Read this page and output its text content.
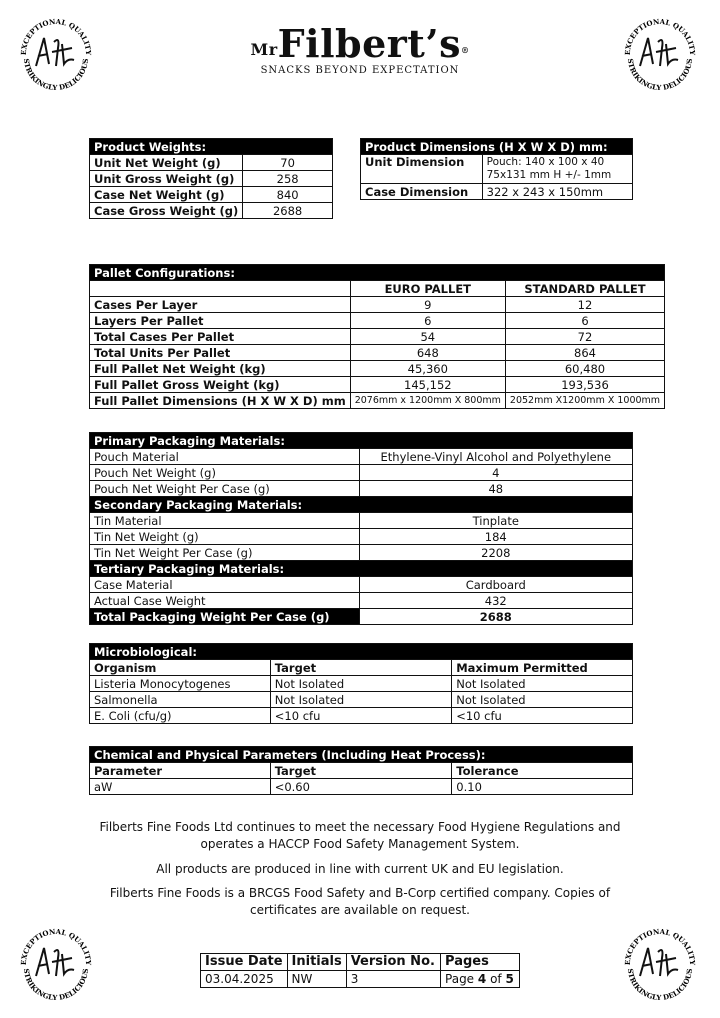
EXCEPTIONAL QUALITY
STRIKINGLY DELICIOUS
EXCEPTIONAL QUALITY
STRIKINGLY DELICIOUS
EXCEPTIONAL QUALITY
STRIKINGLY DELICIOUS
EXCEPTIONAL QUALITY
STRIKINGLY DELICIOUS
$^{Mr}$Filbert’s®
SNACKS BEYOND EXPECTATION
Product Weights:	
Unit Net Weight (g)	70
Unit Gross Weight (g)	258
Case Net Weight (g)	840
Case Gross Weight (g)	2688
Product Dimensions (H X W X D) mm:	
Unit Dimension	Pouch: 140 x 100 x 40
75x131 mm H +/- 1mm

Case Dimension	322 x 243 x 150mm
Pallet Configurations:		
	EURO PALLET	STANDARD PALLET
Cases Per Layer	9	12
Layers Per Pallet	6	6
Total Cases Per Pallet	54	72
Total Units Per Pallet	648	864
Full Pallet Net Weight (kg)	45,360	60,480
Full Pallet Gross Weight (kg)	145,152	193,536
Full Pallet Dimensions (H X W X D) mm	2076mm x 1200mm X 800mm	2052mm X1200mm X 1000mm
Primary Packaging Materials:	
Pouch Material	Ethylene-Vinyl Alcohol and Polyethylene
Pouch Net Weight (g)	4
Pouch Net Weight Per Case (g)	48
Secondary Packaging Materials:	
Tin Material	Tinplate
Tin Net Weight (g)	184
Tin Net Weight Per Case (g)	2208
Tertiary Packaging Materials:	
Case Material	Cardboard
Actual Case Weight	432
Total Packaging Weight Per Case (g)	2688
Microbiological:		
Organism	Target	Maximum Permitted
Listeria Monocytogenes	Not Isolated	Not Isolated
Salmonella	Not Isolated	Not Isolated
E. Coli (cfu/g)	<10 cfu	<10 cfu
Chemical and Physical Parameters (Including Heat Process):		
Parameter	Target	Tolerance
aW	<0.60	0.10
Filberts Fine Foods Ltd continues to meet the necessary Food Hygiene Regulations and operates a HACCP Food Safety Management System.
All products are produced in line with current UK and EU legislation.
Filberts Fine Foods is a BRCGS Food Safety and B-Corp certified company. Copies of certificates are available on request.
Issue Date	Initials	Version No.	Pages
03.04.2025	NW	3	Page 4 of 5
